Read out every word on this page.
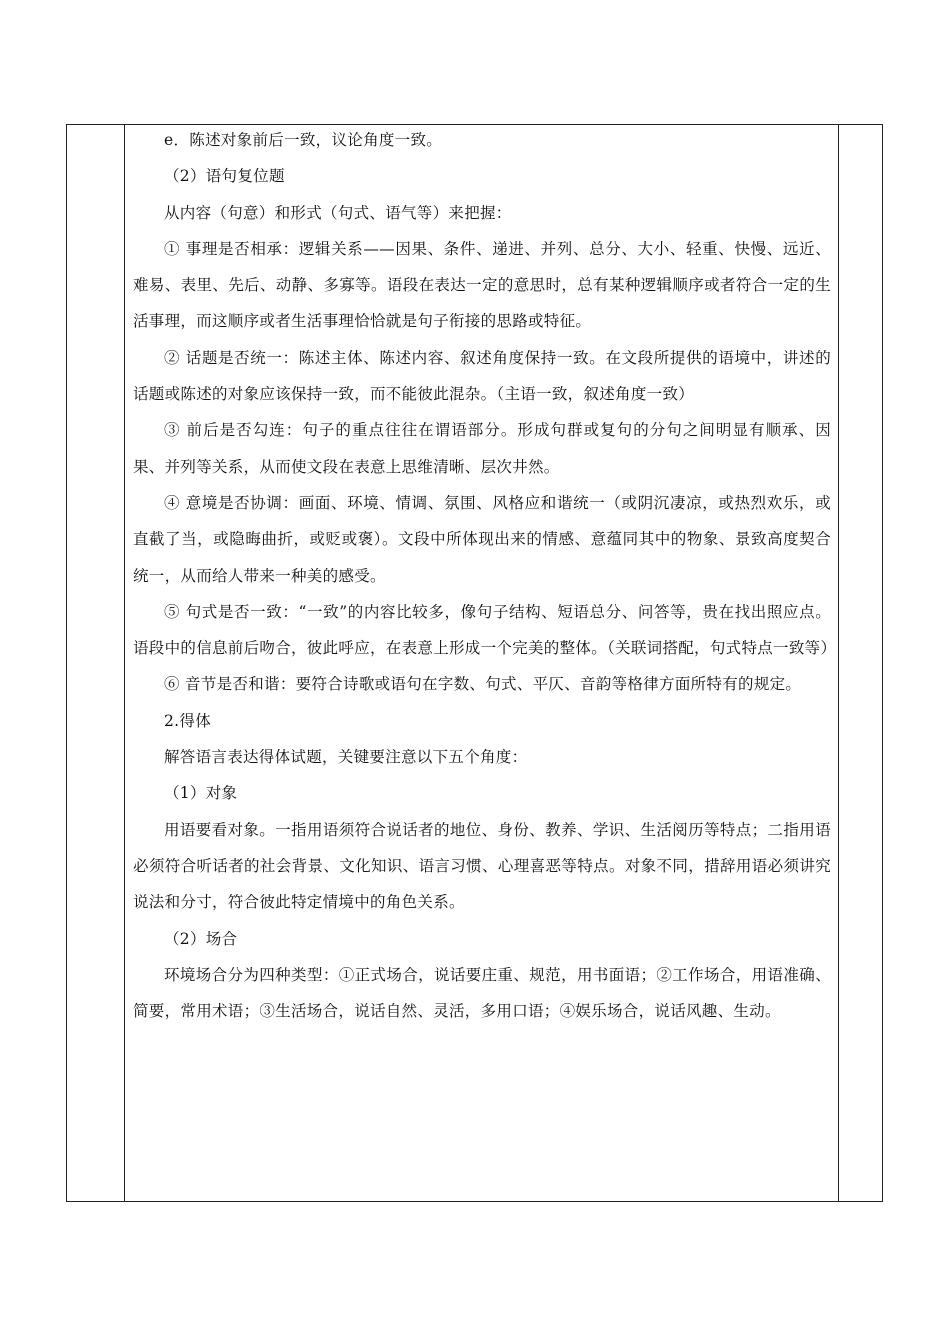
e．陈述对象前后一致，议论角度一致。

（2）语句复位题

从内容（句意）和形式（句式、语气等）来把握：

① 事理是否相承：逻辑关系——因果、条件、递进、并列、总分、大小、轻重、快慢、远近、难易、表里、先后、动静、多寡等。语段在表达一定的意思时，总有某种逻辑顺序或者符合一定的生活事理，而这顺序或者生活事理恰恰就是句子衔接的思路或特征。

② 话题是否统一：陈述主体、陈述内容、叙述角度保持一致。在文段所提供的语境中，讲述的话题或陈述的对象应该保持一致，而不能彼此混杂。（主语一致，叙述角度一致）

③ 前后是否勾连：句子的重点往往在谓语部分。形成句群或复句的分句之间明显有顺承、因果、并列等关系，从而使文段在表意上思维清晰、层次井然。

④ 意境是否协调：画面、环境、情调、氛围、风格应和谐统一（或阴沉凄凉，或热烈欢乐，或直截了当，或隐晦曲折，或贬或褒）。文段中所体现出来的情感、意蕴同其中的物象、景致高度契合统一，从而给人带来一种美的感受。

⑤ 句式是否一致：“一致”的内容比较多，像句子结构、短语总分、问答等，贵在找出照应点。语段中的信息前后吻合，彼此呼应，在表意上形成一个完美的整体。（关联词搭配，句式特点一致等）

⑥ 音节是否和谐：要符合诗歌或语句在字数、句式、平仄、音韵等格律方面所特有的规定。

2.得体

解答语言表达得体试题，关键要注意以下五个角度：

（1）对象

用语要看对象。一指用语须符合说话者的地位、身份、教养、学识、生活阅历等特点；二指用语必须符合听话者的社会背景、文化知识、语言习惯、心理喜恶等特点。对象不同，措辞用语必须讲究说法和分寸，符合彼此特定情境中的角色关系。

（2）场合

环境场合分为四种类型：①正式场合，说话要庄重、规范，用书面语；②工作场合，用语准确、简要，常用术语；③生活场合，说话自然、灵活，多用口语；④娱乐场合，说话风趣、生动。
